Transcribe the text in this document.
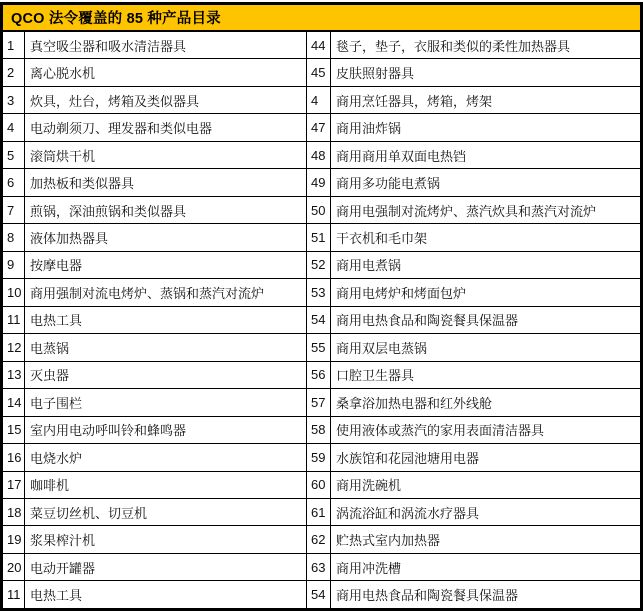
QCO 法令覆盖的 85 种产品目录
1	真空吸尘器和吸水清洁器具	44 毯子，垫子，衣服和类似的柔性加热器具
2	离心脱水机	45 皮肤照射器具
3	炊具，灶台，烤箱及类似器具	4	商用烹饪器具，烤箱，烤架
4	电动剃须刀、理发器和类似电器	47 商用油炸锅
5	滚筒烘干机	48 商用商用单双面电热铛
6	加热板和类似器具	49 商用多功能电煮锅
7	煎锅，深油煎锅和类似器具	50 商用电强制对流烤炉、蒸汽炊具和蒸汽对流炉
8	液体加热器具	51 干衣机和毛巾架
9	按摩电器	52 商用电煮锅
10 商用强制对流电烤炉、蒸锅和蒸汽对流炉	53 商用电烤炉和烤面包炉
11 电热工具	54 商用电热食品和陶瓷餐具保温器
12 电蒸锅	55 商用双层电蒸锅
13 灭虫器	56 口腔卫生器具
14 电子围栏	57 桑拿浴加热电器和红外线舱
15 室内用电动呼叫铃和蜂鸣器	58 使用液体或蒸汽的家用表面清洁器具
16 电烧水炉	59 水族馆和花园池塘用电器
17 咖啡机	60 商用洗碗机
18 菜豆切丝机、切豆机	61 涡流浴缸和涡流水疗器具
19 浆果榨汁机	62 贮热式室内加热器
20 电动开罐器	63 商用冲洗槽
11 电热工具	54 商用电热食品和陶瓷餐具保温器
